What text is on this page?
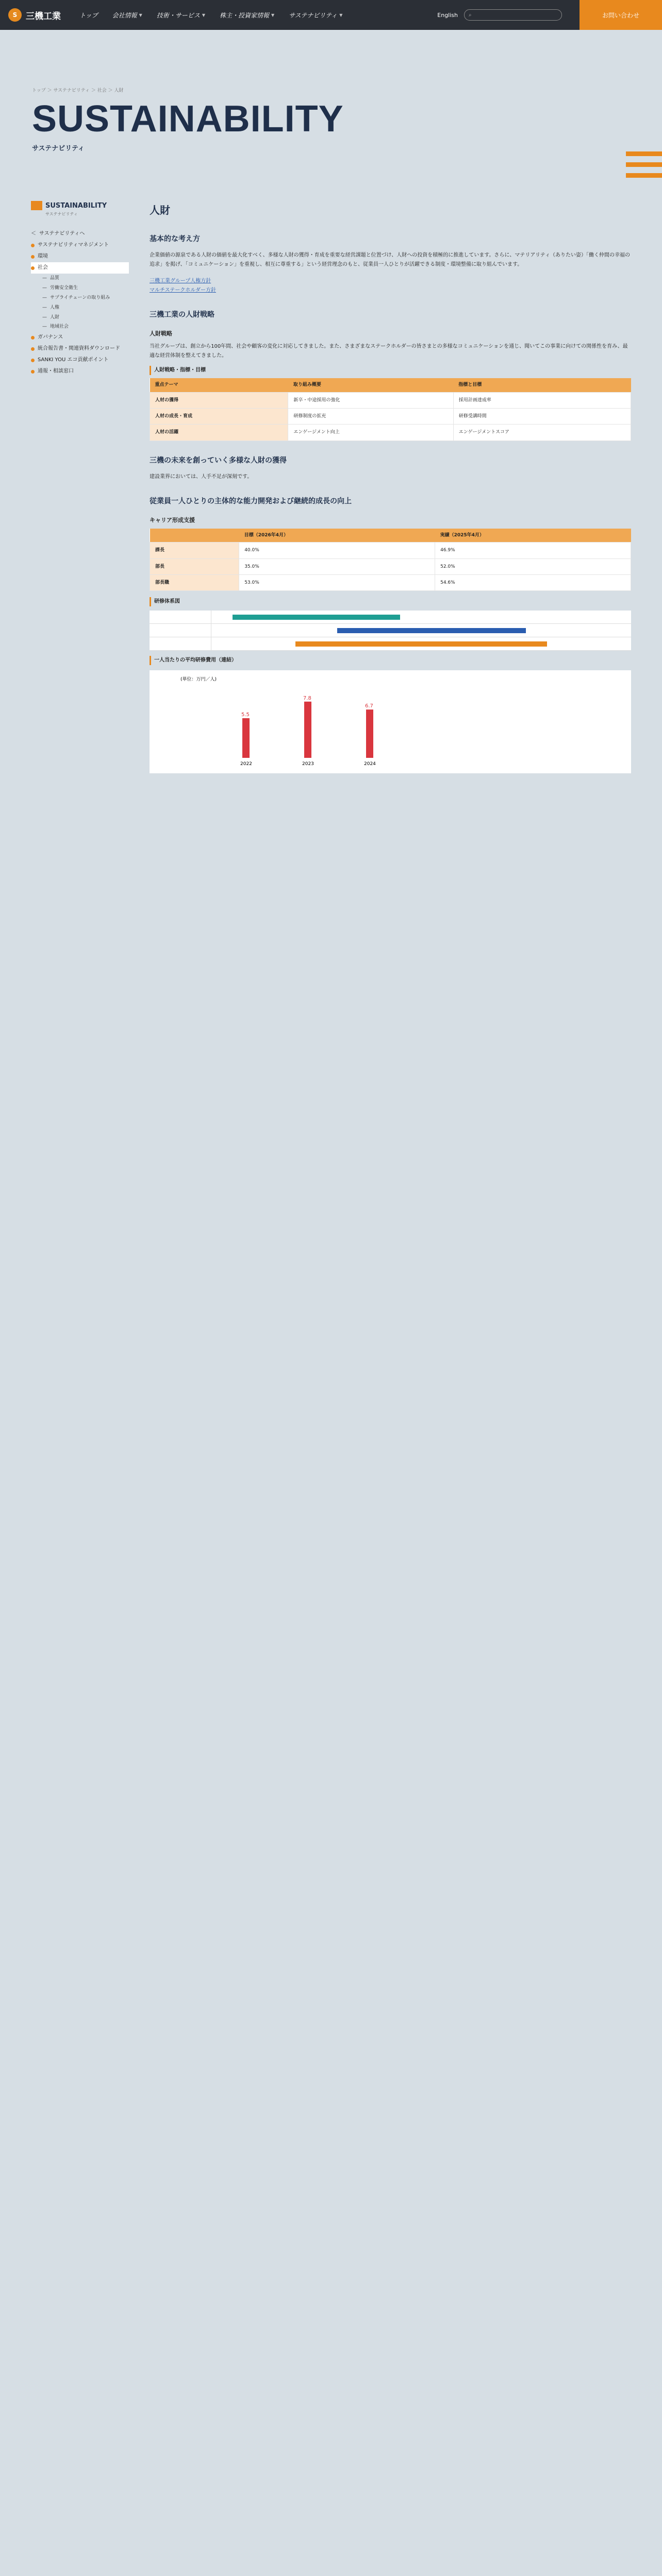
S 三機工業	トップ 会社情報 ▼ 技術・サービス ▼ 株主・投資家情報 ▼ サステナビリティ ▼	English ⌕	お問い合わせ
トップ ＞ サステナビリティ ＞ 社会 ＞ 人財
SUSTAINABILITY
サステナビリティ
SUSTAINABILITY
サステナビリティ
＜ サステナビリティへ
サステナビリティマネジメント
環境
社会
— 品質
— 労働安全衛生
— サプライチェーンの取り組み
— 人権
— 人財
— 地域社会
ガバナンス
統合報告書・関連資料ダウンロード
SANKI YOU エコ貢献ポイント
通報・相談窓口
人財
基本的な考え方

企業価値の源泉である人財の価値を最大化すべく、多様な人財の獲得・育成を重要な経営課題と位置づけ、人財への投資を積極的に推進しています。さらに、マテリアリティ（ありたい姿）「働く仲間の幸福の追求」を掲げ、「コミュニケーション」を重視し、相互に尊重する」という経営理念のもと、従業員一人ひとりが活躍できる制度・環境整備に取り組んでいます。

三機工業グループ人権方針

マルチステークホルダー方針

三機工業の人財戦略
人財戦略

当社グループは、創立から100年間、社会や顧客の変化に対応してきました。また、さまざまなステークホルダーの皆さまとの多様なコミュニケーションを通じ、聞いてこの事業に向けての関係性を育み、最適な経営体制を整えてきました。

人財戦略・指標・目標
重点テーマ	取り組み概要	指標と目標
人材の獲得	新卒・中途採用の強化	採用計画達成率
人材の成長・育成	研修制度の拡充	研修受講時間
人材の活躍	エンゲージメント向上	エンゲージメントスコア
三機の未来を創っていく多様な人財の獲得

建設業界においては、人手不足が深刻です。

従業員一人ひとりの主体的な能力開発および継続的成長の向上
キャリア形成支援
	目標（2026年4月）	実績（2025年4月）
課長	40.0%	46.9%
部長	35.0%	52.0%
部長職	53.0%	54.6%
研修体系図
一人当たりの平均研修費用（連結）
(単位：万円／人)
5.5
2022
7.8
2023
6.7
2024
